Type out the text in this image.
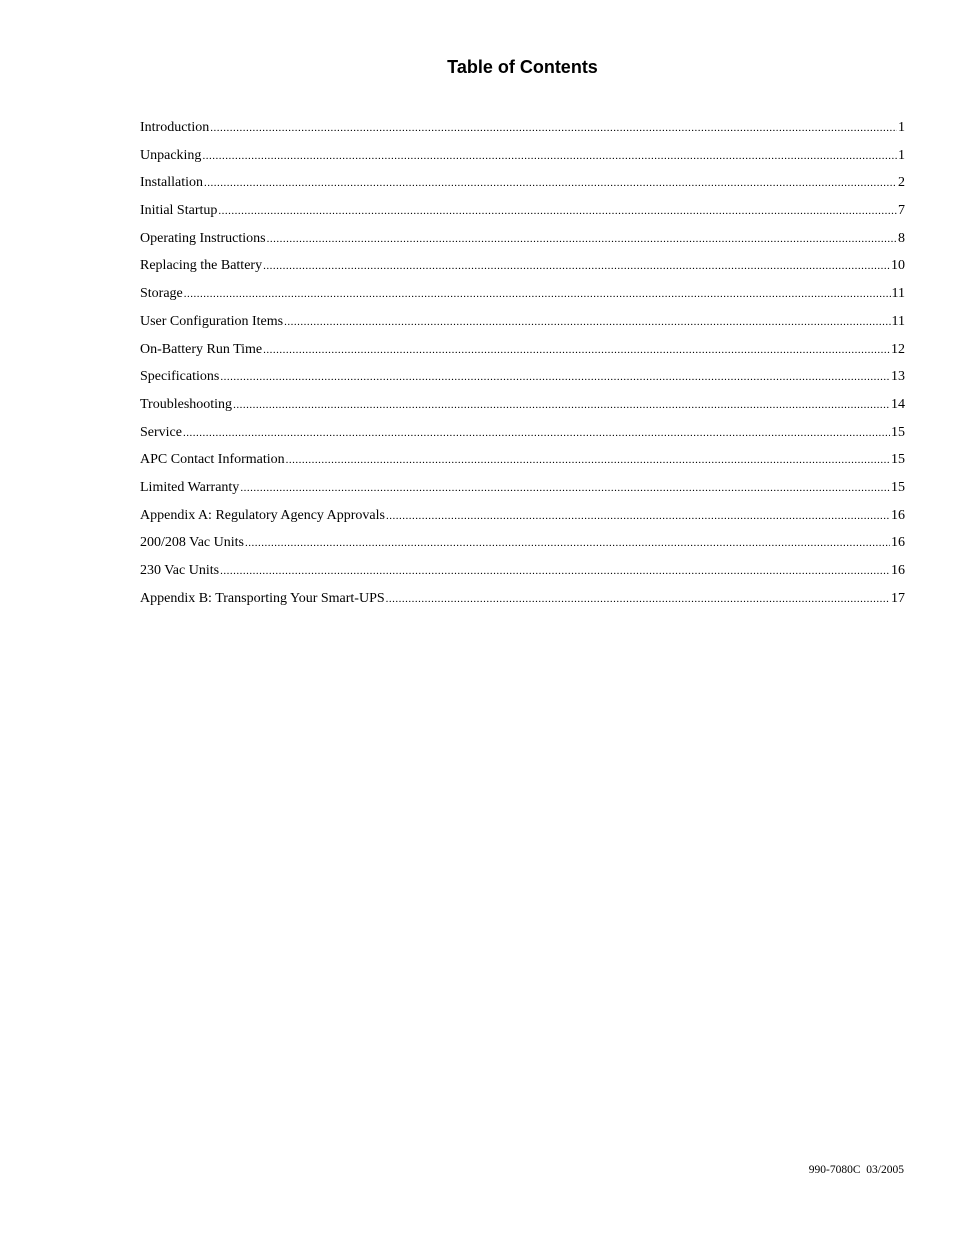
Table of Contents
Introduction .....	1
Unpacking .....	1
Installation .....	2
Initial Startup .....	7
Operating Instructions .....	8
Replacing the Battery .....	10
Storage .....	11
User Configuration Items .....	11
On-Battery Run Time .....	12
Specifications .....	13
Troubleshooting .....	14
Service .....	15
APC Contact Information .....	15
Limited Warranty .....	15
Appendix A: Regulatory Agency Approvals .....	16
200/208 Vac Units .....	16
230 Vac Units .....	16
Appendix B: Transporting Your Smart-UPS .....	17
990-7080C  03/2005
